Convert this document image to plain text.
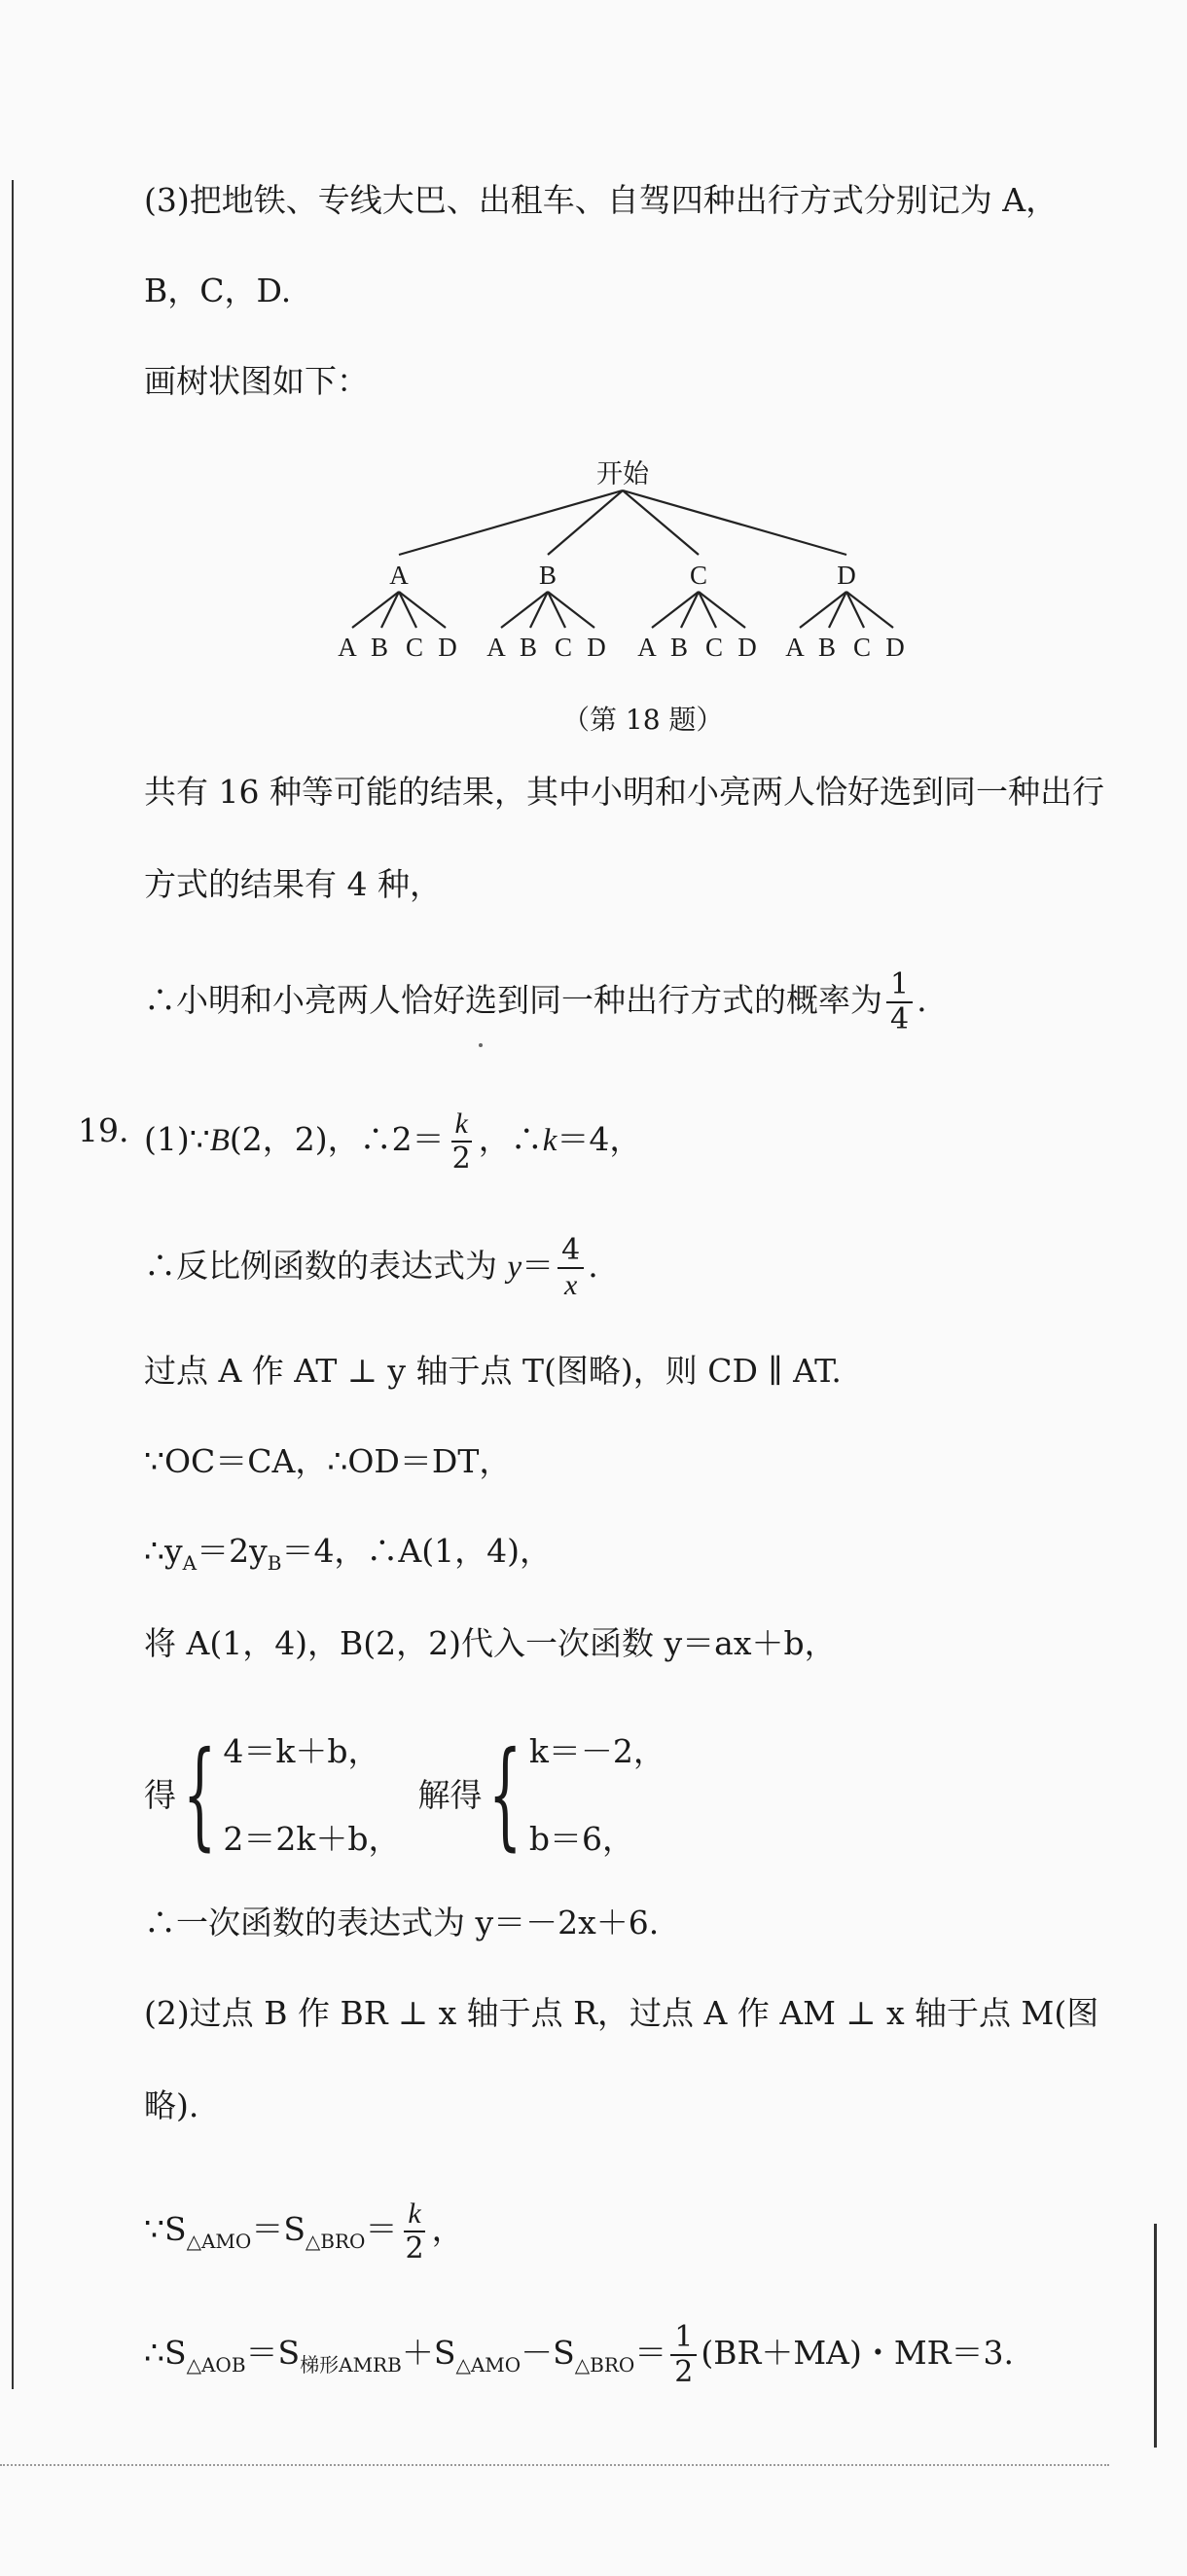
(3)把地铁、专线大巴、出租车、自驾四种出行方式分别记为 A，
B，C，D.
画树状图如下：
开始
A	B	C	D
A B C D A B C D A B C D A B C D
（第 18 题）
共有 16 种等可能的结果，其中小明和小亮两人恰好选到同一种出行
方式的结果有 4 种，
∴小明和小亮两人恰好选到同一种出行方式的概率为 $\frac{1}{4}$ .
19. (1)∵B(2，2)，∴2＝ $\frac{k}{2}$ ，∴k＝4，
∴反比例函数的表达式为 $y= \frac{4}{x}$ .
过点 A 作 AT ⊥ y 轴于点 T(图略)，则 CD ∥ AT.
∵OC＝CA，∴OD＝DT，
$\therefore y_A=2y_B=4$，∴A(1，4)，
将 A(1，4)，B(2，2)代入一次函数 y＝ax＋b，
得 { 4＝k＋b，
2＝2k＋b，
解得 { k＝－2，
b＝6，
∴一次函数的表达式为 y＝－2x＋6.
(2)过点 B 作 BR ⊥ x 轴于点 R，过点 A 作 AM ⊥ x 轴于点 M(图
略).
$\because S_{\triangle AMO}=S_{\triangle BRO}= \frac{k}{2}$ ，
$\therefore S_{\triangle AOB}=S_{梯形AMRB}+S_{\triangle AMO}-S_{\triangle BRO}= \frac{1}{2} (BR+MA)$・MR＝3.
